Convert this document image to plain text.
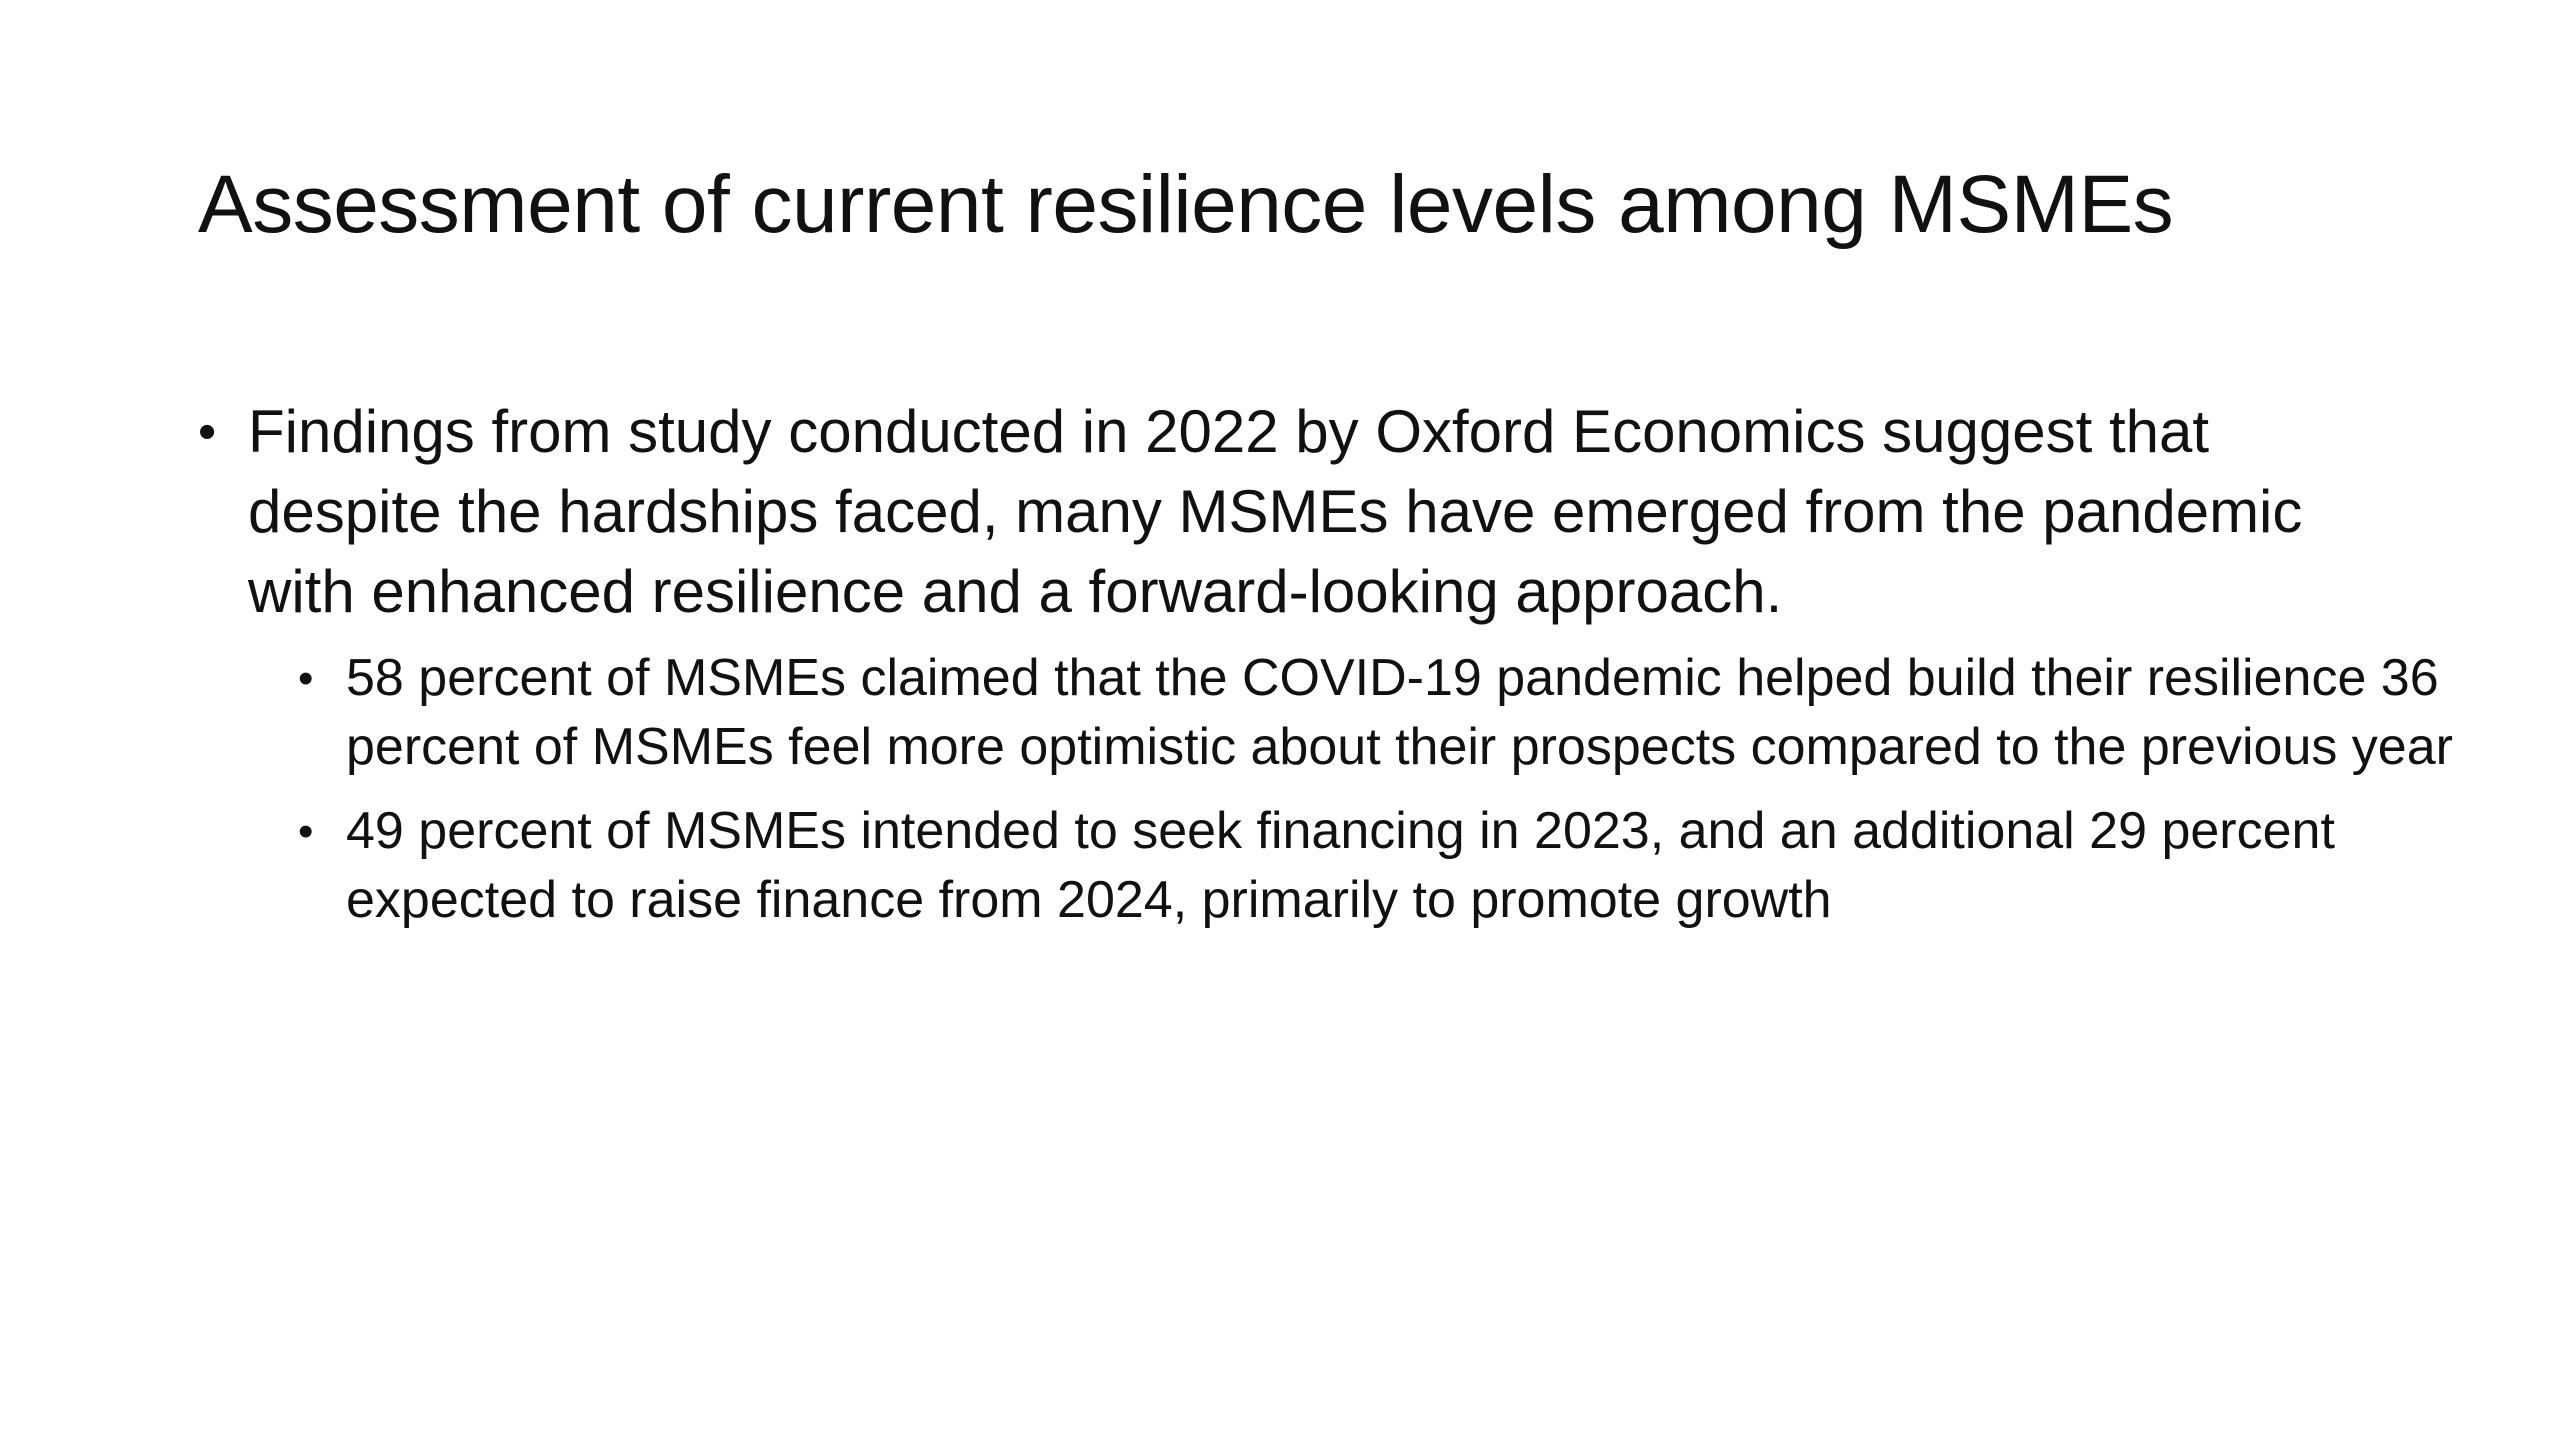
Assessment of current resilience levels among MSMEs
• Findings from study conducted in 2022 by Oxford Economics suggest that despite the hardships faced, many MSMEs have emerged from the pandemic with enhanced resilience and a forward-looking approach.
• 58 percent of MSMEs claimed that the COVID-19 pandemic helped build their resilience 36 percent of MSMEs feel more optimistic about their prospects compared to the previous year
• 49 percent of MSMEs intended to seek financing in 2023, and an additional 29 percent expected to raise finance from 2024, primarily to promote growth
